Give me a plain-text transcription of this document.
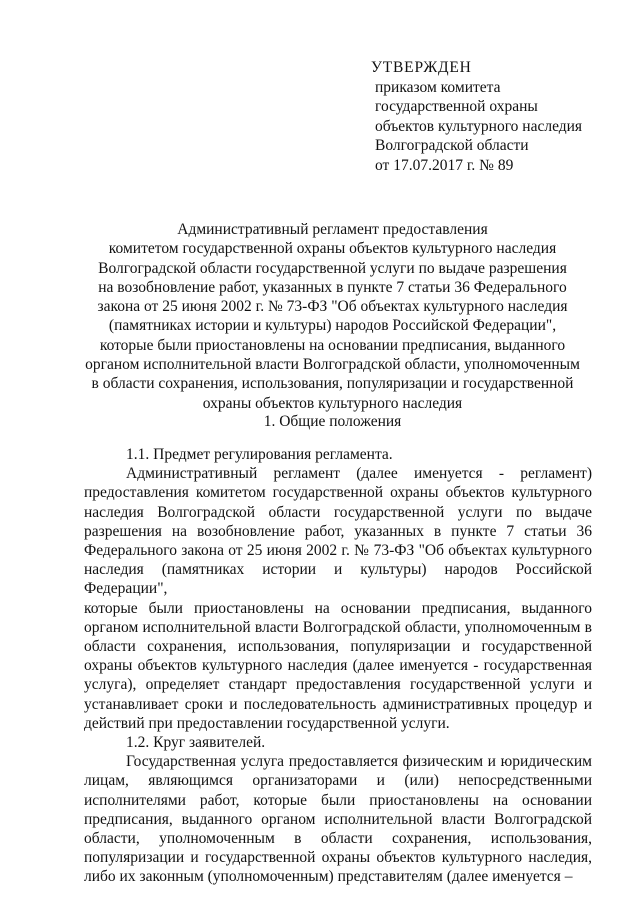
УТВЕРЖДЕН
приказом комитета
государственной охраны
объектов культурного наследия
Волгоградской области
от 17.07.2017 г. № 89
Административный регламент предоставления
комитетом государственной охраны объектов культурного наследия
Волгоградской области государственной услуги по выдаче разрешения
на возобновление работ, указанных в пункте 7 статьи 36 Федерального
закона от 25 июня 2002 г. № 73-ФЗ "Об объектах культурного наследия
(памятниках истории и культуры) народов Российской Федерации",
которые были приостановлены на основании предписания, выданного
органом исполнительной власти Волгоградской области, уполномоченным
в области сохранения, использования, популяризации и государственной
охраны объектов культурного наследия
1. Общие положения
1.1. Предмет регулирования регламента.
Административный регламент (далее именуется - регламент)
предоставления комитетом государственной охраны объектов культурного
наследия Волгоградской области государственной услуги по выдаче
разрешения на возобновление работ, указанных в пункте 7 статьи 36
Федерального закона от 25 июня 2002 г. № 73-ФЗ "Об объектах культурного
наследия (памятниках истории и культуры) народов Российской Федерации",
которые были приостановлены на основании предписания, выданного
органом исполнительной власти Волгоградской области, уполномоченным в
области сохранения, использования, популяризации и государственной
охраны объектов культурного наследия (далее именуется - государственная
услуга), определяет стандарт предоставления государственной услуги и
устанавливает сроки и последовательность административных процедур и
действий при предоставлении государственной услуги.
1.2. Круг заявителей.
Государственная услуга предоставляется физическим и юридическим
лицам, являющимся организаторами и (или) непосредственными
исполнителями работ, которые были приостановлены на основании
предписания, выданного органом исполнительной власти Волгоградской
области, уполномоченным в области сохранения, использования,
популяризации и государственной охраны объектов культурного наследия,
либо их законным (уполномоченным) представителям (далее именуется –
